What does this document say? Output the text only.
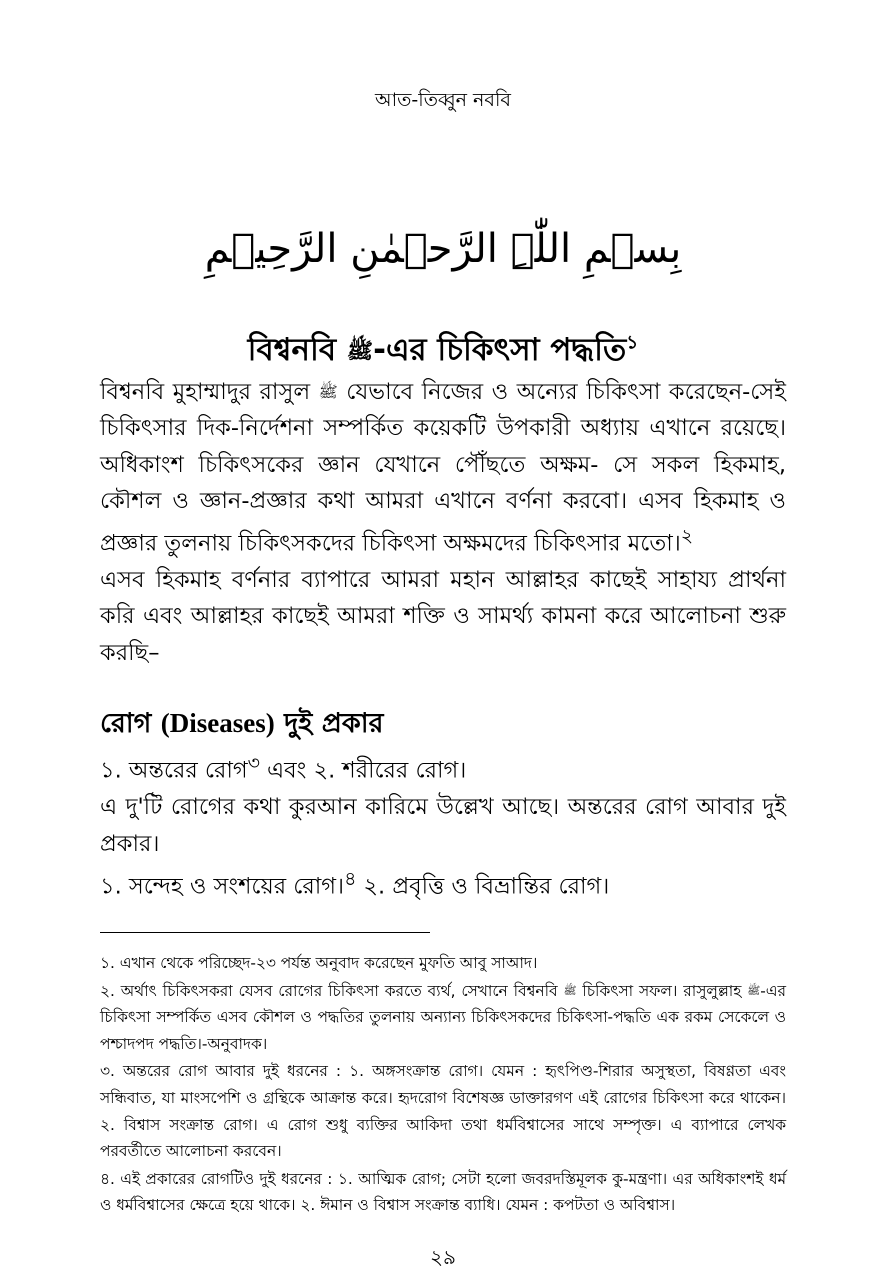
আত-তিব্বুন নববি
بِسۡمِ اللّٰہِ الرَّحۡمٰنِ الرَّحِیۡمِ
বিশ্বনবি ﷺ-এর চিকিৎসা পদ্ধতি$^১$

বিশ্বনবি মুহাম্মাদুর রাসুল ﷺ যেভাবে নিজের ও অন্যের চিকিৎসা করেছেন-সেই চিকিৎসার দিক-নির্দেশনা সম্পর্কিত কয়েকটি উপকারী অধ্যায় এখানে রয়েছে। অধিকাংশ চিকিৎসকের জ্ঞান যেখানে পৌঁছতে অক্ষম- সে সকল হিকমাহ, কৌশল ও জ্ঞান-প্রজ্ঞার কথা আমরা এখানে বর্ণনা করবো। এসব হিকমাহ ও প্রজ্ঞার তুলনায় চিকিৎসকদের চিকিৎসা অক্ষমদের চিকিৎসার মতো।$^২$

এসব হিকমাহ বর্ণনার ব্যাপারে আমরা মহান আল্লাহর কাছেই সাহায্য প্রার্থনা করি এবং আল্লাহর কাছেই আমরা শক্তি ও সামর্থ্য কামনা করে আলোচনা শুরু করছি–

রোগ (Diseases) দুই প্রকার

১. অন্তরের রোগ$^৩$ এবং ২. শরীরের রোগ।

এ দু'টি রোগের কথা কুরআন কারিমে উল্লেখ আছে। অন্তরের রোগ আবার দুই প্রকার।

১. সন্দেহ ও সংশয়ের রোগ।$^৪$ ২. প্রবৃত্তি ও বিভ্রান্তির রোগ।

১. এখান থেকে পরিচ্ছেদ-২৩ পর্যন্ত অনুবাদ করেছেন মুফতি আবু সাআদ।

২. অর্থাৎ চিকিৎসকরা যেসব রোগের চিকিৎসা করতে ব্যর্থ, সেখানে বিশ্বনবি ﷺ চিকিৎসা সফল। রাসুলুল্লাহ ﷺ-এর চিকিৎসা সম্পর্কিত এসব কৌশল ও পদ্ধতির তুলনায় অন্যান্য চিকিৎসকদের চিকিৎসা-পদ্ধতি এক রকম সেকেলে ও পশ্চাদপদ পদ্ধতি।-অনুবাদক।

৩. অন্তরের রোগ আবার দুই ধরনের : ১. অঙ্গসংক্রান্ত রোগ। যেমন : হৃৎপিণ্ড-শিরার অসুস্থতা, বিষণ্ণতা এবং সন্ধিবাত, যা মাংসপেশি ও গ্রন্থিকে আক্রান্ত করে। হৃদরোগ বিশেষজ্ঞ ডাক্তারগণ এই রোগের চিকিৎসা করে থাকেন। ২. বিশ্বাস সংক্রান্ত রোগ। এ রোগ শুধু ব্যক্তির আকিদা তথা ধর্মবিশ্বাসের সাথে সম্পৃক্ত। এ ব্যাপারে লেখক পরবর্তীতে আলোচনা করবেন।

৪. এই প্রকারের রোগটিও দুই ধরনের : ১. আত্মিক রোগ; সেটা হলো জবরদস্তিমূলক কু-মন্ত্রণা। এর অধিকাংশই ধর্ম ও ধর্মবিশ্বাসের ক্ষেত্রে হয়ে থাকে। ২. ঈমান ও বিশ্বাস সংক্রান্ত ব্যাধি। যেমন : কপটতা ও অবিশ্বাস।

২৯
